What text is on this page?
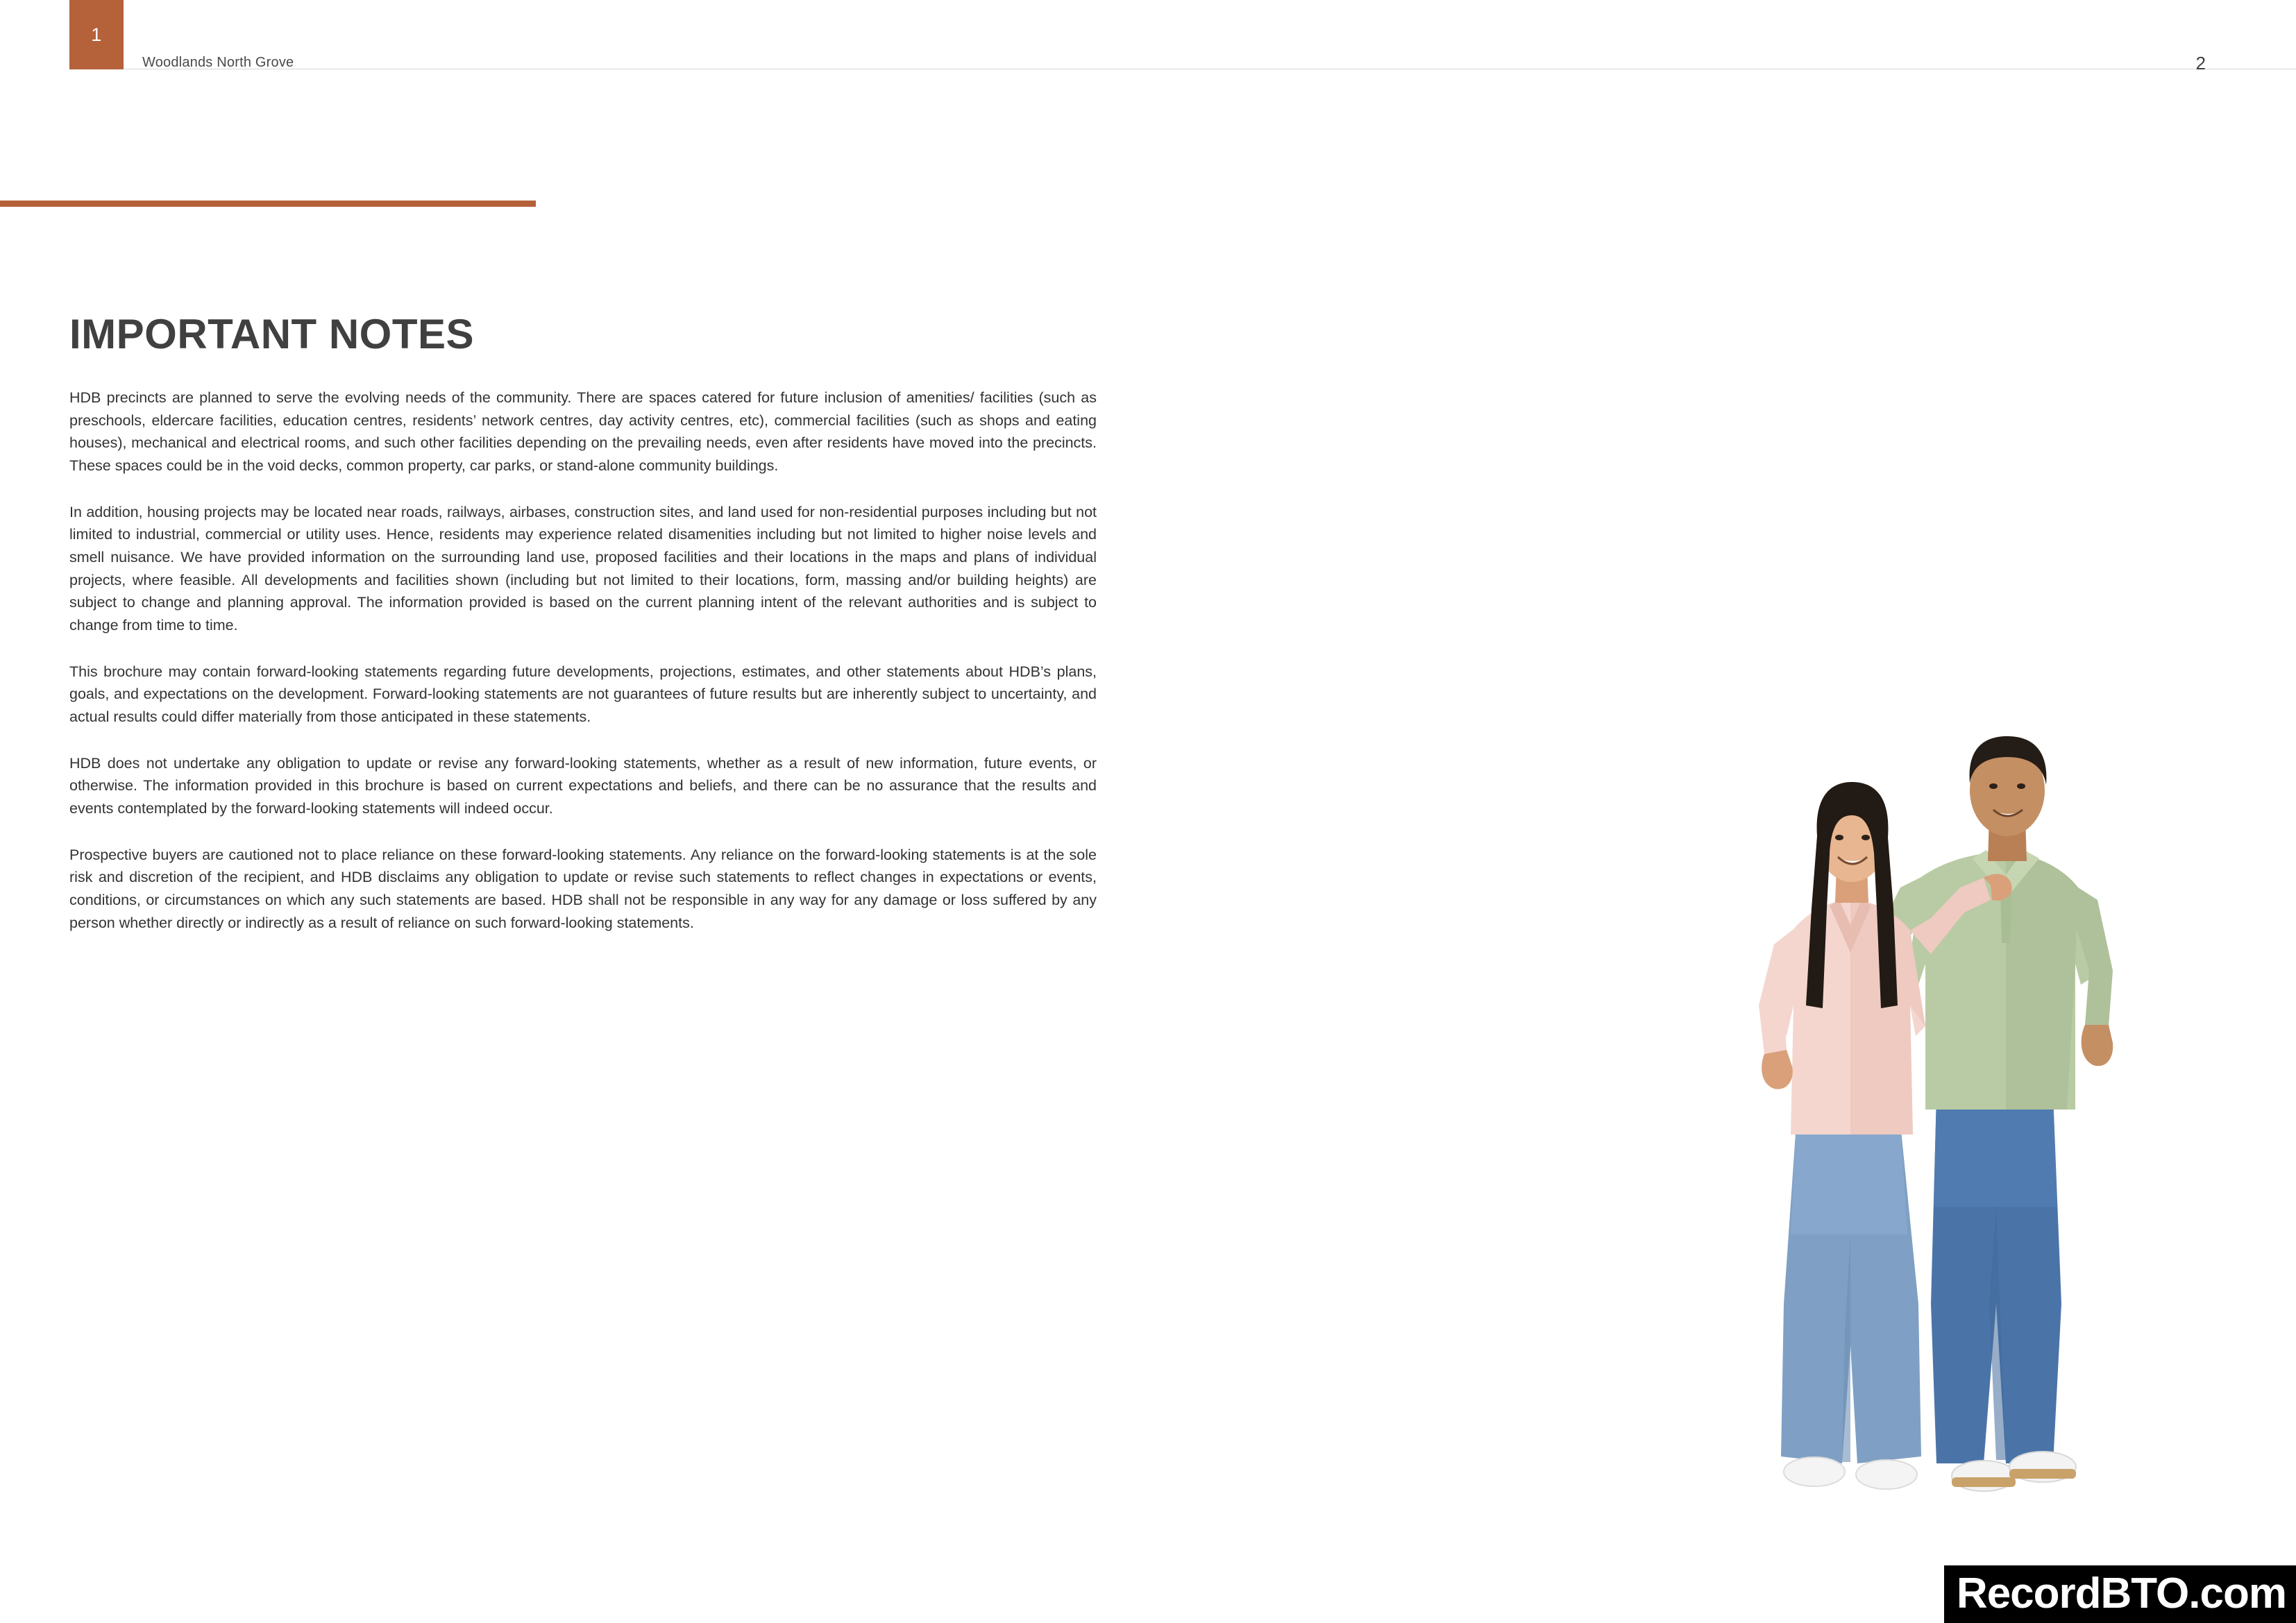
1
Woodlands North Grove	2
IMPORTANT NOTES

HDB precincts are planned to serve the evolving needs of the community. There are spaces catered for future inclusion of amenities/ facilities (such as preschools, eldercare facilities, education centres, residents’ network centres, day activity centres, etc), commercial facilities (such as shops and eating houses), mechanical and electrical rooms, and such other facilities depending on the prevailing needs, even after residents have moved into the precincts. These spaces could be in the void decks, common property, car parks, or stand-alone community buildings.

In addition, housing projects may be located near roads, railways, airbases, construction sites, and land used for non-residential purposes including but not limited to industrial, commercial or utility uses. Hence, residents may experience related disamenities including but not limited to higher noise levels and smell nuisance. We have provided information on the surrounding land use, proposed facilities and their locations in the maps and plans of individual projects, where feasible. All developments and facilities shown (including but not limited to their locations, form, massing and/or building heights) are subject to change and planning approval. The information provided is based on the current planning intent of the relevant authorities and is subject to change from time to time.

This brochure may contain forward-looking statements regarding future developments, projections, estimates, and other statements about HDB’s plans, goals, and expectations on the development. Forward-looking statements are not guarantees of future results but are inherently subject to uncertainty, and actual results could differ materially from those anticipated in these statements.

HDB does not undertake any obligation to update or revise any forward-looking statements, whether as a result of new information, future events, or otherwise. The information provided in this brochure is based on current expectations and beliefs, and there can be no assurance that the results and events contemplated by the forward-looking statements will indeed occur.

Prospective buyers are cautioned not to place reliance on these forward-looking statements. Any reliance on the forward-looking statements is at the sole risk and discretion of the recipient, and HDB disclaims any obligation to update or revise such statements to reflect changes in expectations or events, conditions, or circumstances on which any such statements are based. HDB shall not be responsible in any way for any damage or loss suffered by any person whether directly or indirectly as a result of reliance on such forward-looking statements.

RecordBTO.com
